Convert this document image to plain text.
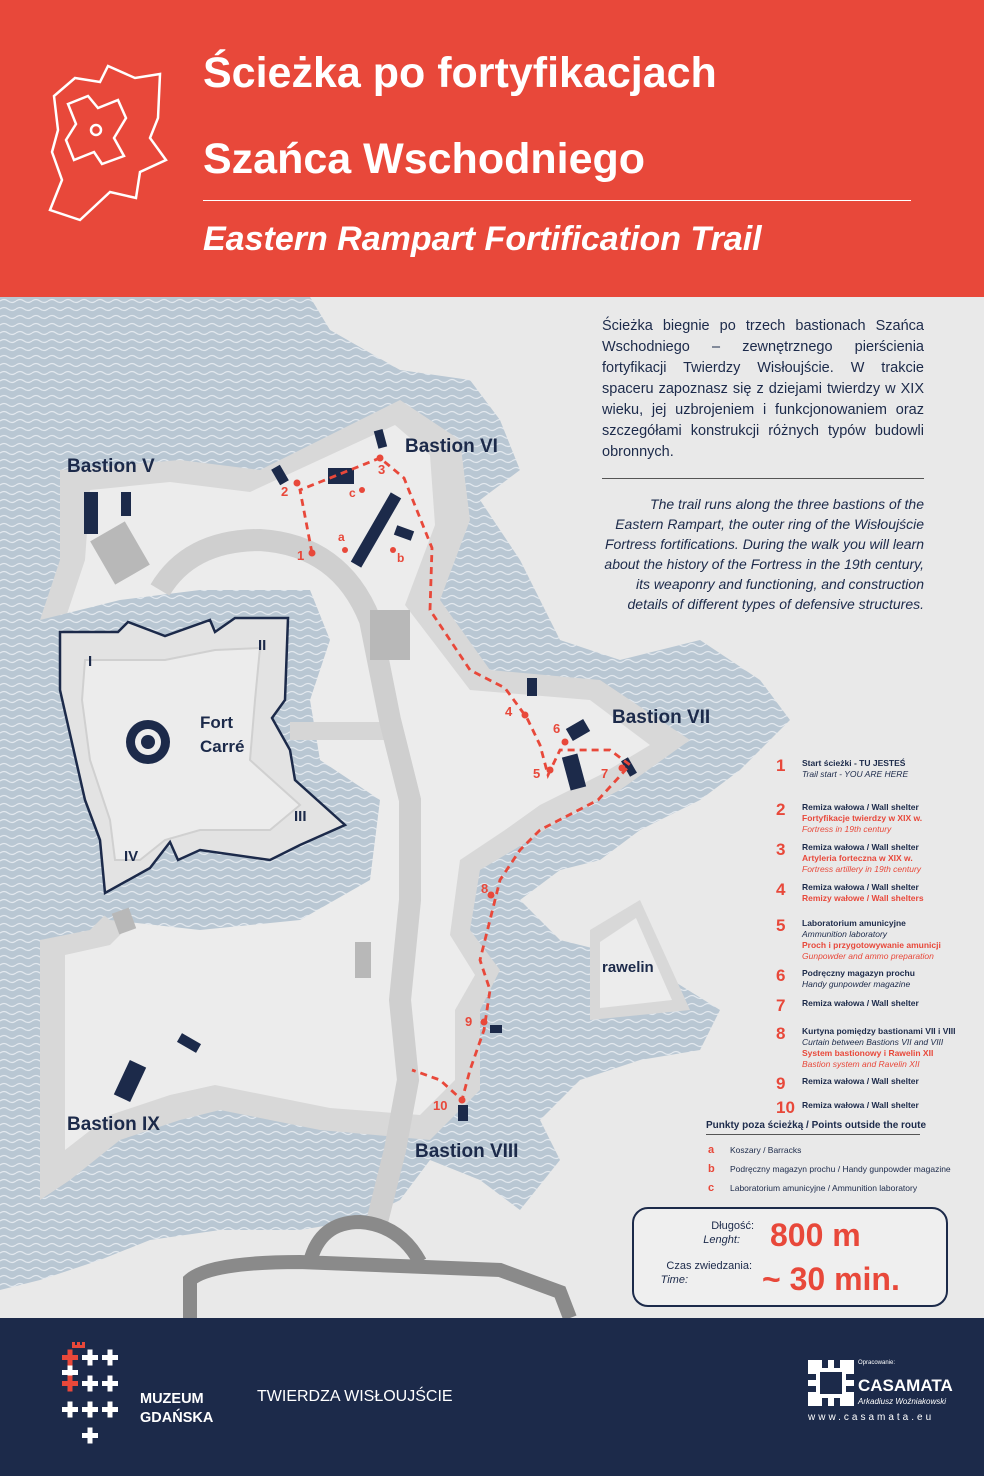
Ścieżka po fortyfikacjach
Szańca Wschodniego
Eastern Rampart Fortification Trail
1
2
3
4
5
6
7
8
9
10
a
b
c
Bastion V
Bastion VI
Bastion VII
Bastion VIII
Bastion IX
Fort
Carré
rawelin
I
II
III
IV
Ścieżka biegnie po trzech bastionach Szańca Wschodniego – zewnętrznego pierścienia fortyfikacji Twierdzy Wisłoujście. W trakcie spaceru zapoznasz się z dziejami twierdzy w XIX wieku, jej uzbrojeniem i funkcjonowaniem oraz szczegółami konstrukcji różnych typów budowli obronnych.
The trail runs along the three bastions of the Eastern Rampart, the outer ring of the Wisłoujście Fortress fortifications. During the walk you will learn about the history of the Fortress in the 19th century, its weaponry and functioning, and construction details of different types of defensive structures.
1	Start ścieżki - TU JESTEŚ
Trail start - YOU ARE HERE
2	Remiza wałowa / Wall shelter
Fortyfikacje twierdzy w XIX w.
Fortress in 19th century
3	Remiza wałowa / Wall shelter
Artyleria forteczna w XIX w.
Fortress artillery in 19th century
4	Remiza wałowa / Wall shelter
Remizy wałowe / Wall shelters
5	Laboratorium amunicyjne
Ammunition laboratory
Proch i przygotowywanie amunicji
Gunpowder and ammo preparation
6	Podręczny magazyn prochu
Handy gunpowder magazine
7	Remiza wałowa / Wall shelter
8	Kurtyna pomiędzy bastionami VII i VIII
Curtain between Bastions VII and VIII
System bastionowy i Rawelin XII
Bastion system and Ravelin XII
9	Remiza wałowa / Wall shelter
10 Remiza wałowa / Wall shelter
Punkty poza ścieżką / Points outside the route
a Koszary / Barracks
b Podręczny magazyn prochu / Handy gunpowder magazine
c Laboratorium amunicyjne / Ammunition laboratory
Długość:
Lenght: 800 m
Czas zwiedzania:
Time: ~ 30 min.
MUZEUM
GDAŃSKA
TWIERDZA WISŁOUJŚCIE
Opracowanie:
CASAMATA
Arkadiusz Woźniakowski
www.casamata.eu
